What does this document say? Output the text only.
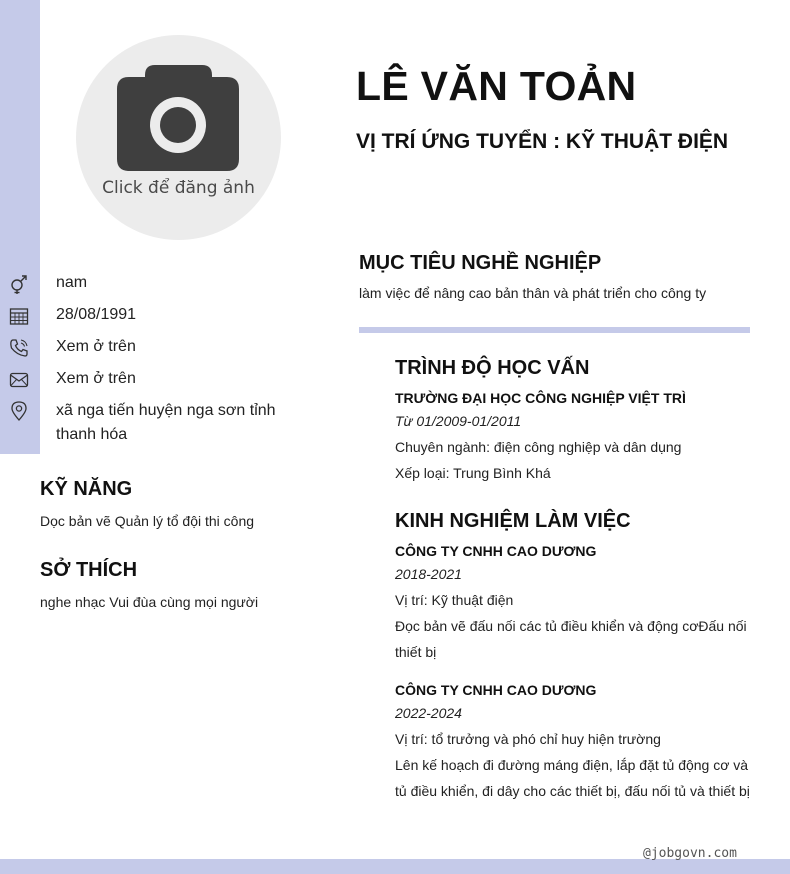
Click để đăng ảnh
LÊ VĂN TOẢN
VỊ TRÍ ỨNG TUYỂN : KỸ THUẬT ĐIỆN
nam
28/08/1991
Xem ở trên
Xem ở trên
xã nga tiến huyện nga sơn tỉnh thanh hóa
KỸ NĂNG
Dọc bản vẽ Quản lý tổ đội thi công
SỞ THÍCH
nghe nhạc Vui đùa cùng mọi người
MỤC TIÊU NGHỀ NGHIỆP
làm việc để nâng cao bản thân và phát triển cho công ty
TRÌNH ĐỘ HỌC VẤN
TRƯỜNG ĐẠI HỌC CÔNG NGHIỆP VIỆT TRÌ
Từ 01/2009-01/2011
Chuyên ngành: điện công nghiệp và dân dụng
Xếp loại: Trung Bình Khá
KINH NGHIỆM LÀM VIỆC
CÔNG TY CNHH CAO DƯƠNG
2018-2021
Vị trí: Kỹ thuật điện
Đọc bản vẽ đấu nối các tủ điều khiển và động cơĐấu nối thiết bị
CÔNG TY CNHH CAO DƯƠNG
2022-2024
Vị trí: tổ trưởng và phó chỉ huy hiện trường
Lên kế hoạch đi đường máng điện, lắp đặt tủ động cơ và tủ điều khiển, đi dây cho các thiết bị, đấu nối tủ và thiết bị
@jobgovn.com
